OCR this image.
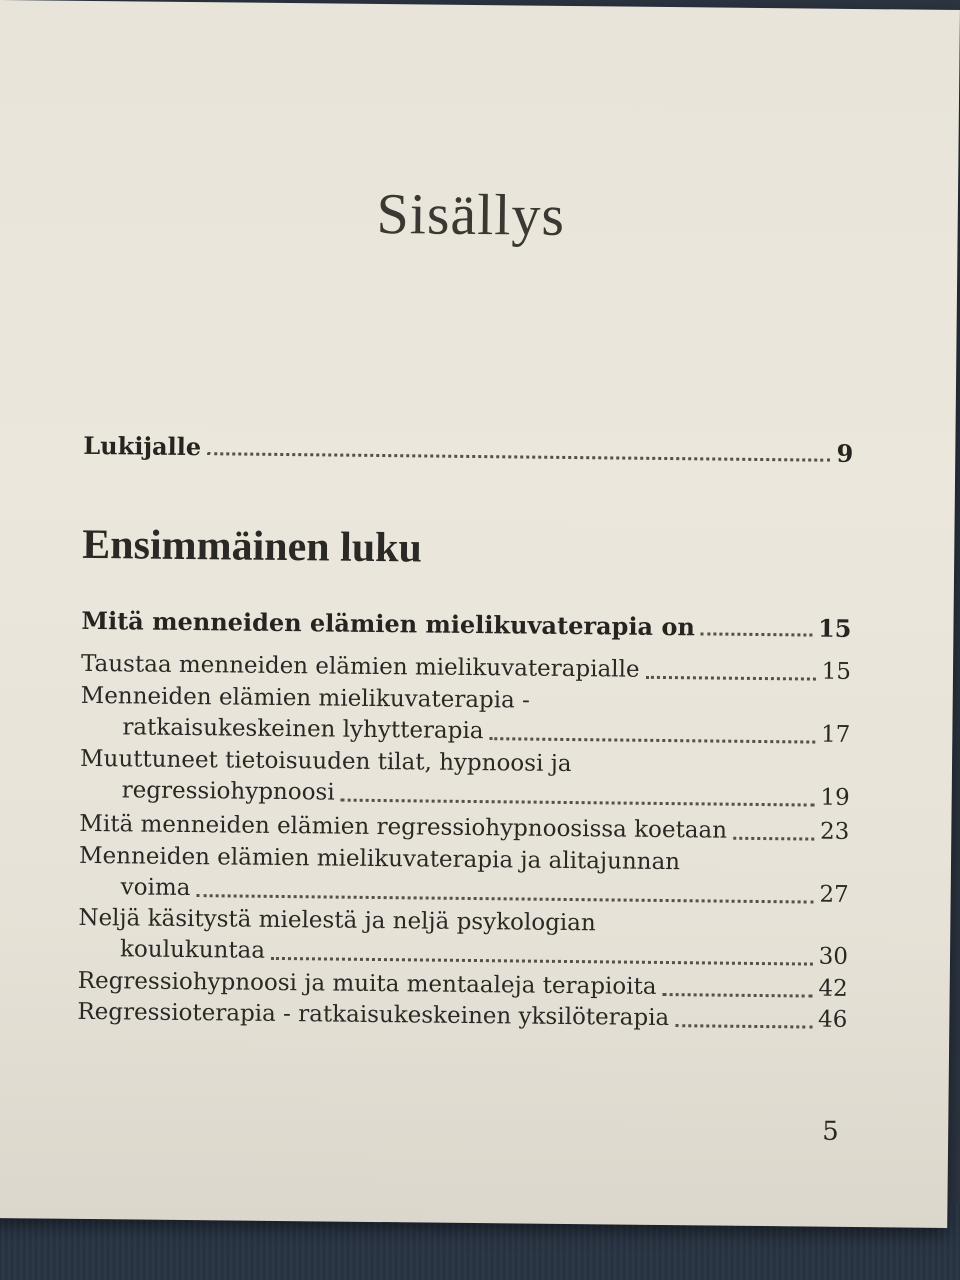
Sisällys
Lukijalle	9
Ensimmäinen luku
Mitä menneiden elämien mielikuvaterapia on	15
Taustaa menneiden elämien mielikuvaterapialle	15
Menneiden elämien mielikuvaterapia -
ratkaisukeskeinen lyhytterapia	17
Muuttuneet tietoisuuden tilat, hypnoosi ja
regressiohypnoosi	19
Mitä menneiden elämien regressiohypnoosissa koetaan	23
Menneiden elämien mielikuvaterapia ja alitajunnan
voima	27
Neljä käsitystä mielestä ja neljä psykologian
koulukuntaa	30
Regressiohypnoosi ja muita mentaaleja terapioita	42
Regressioterapia - ratkaisukeskeinen yksilöterapia	46
5
